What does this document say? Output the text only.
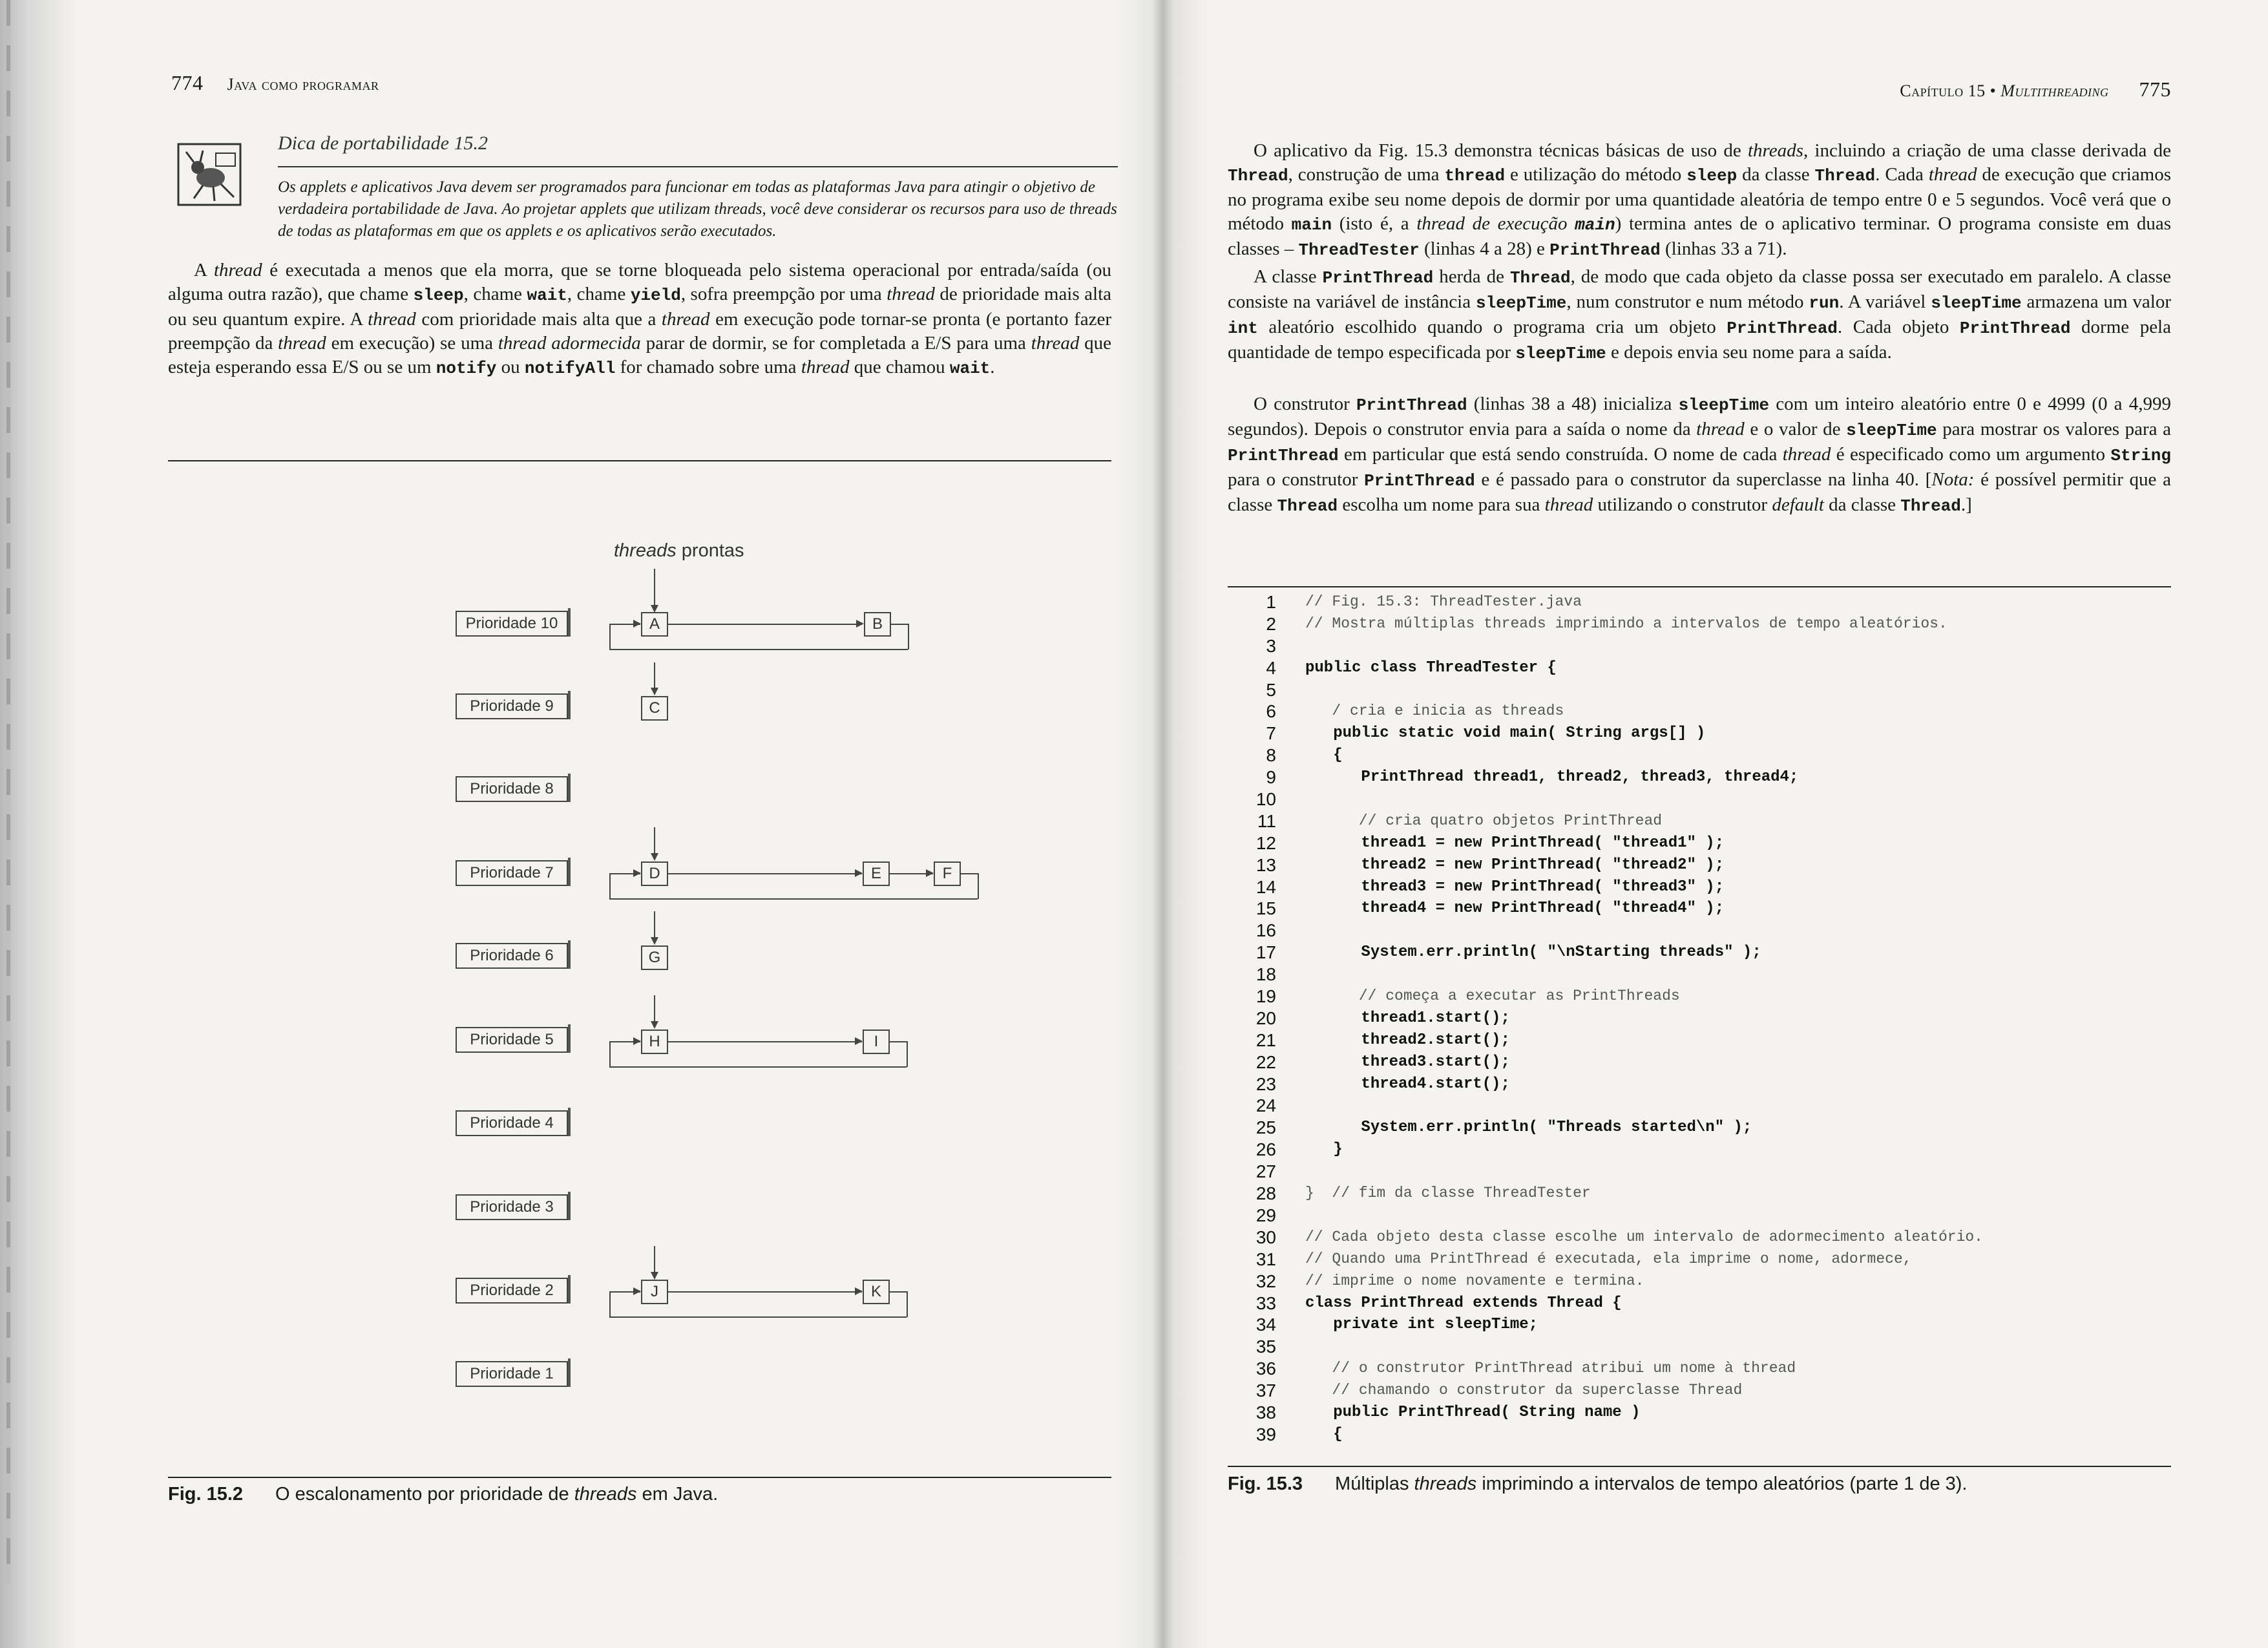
774 Java como programar
Dica de portabilidade 15.2
Os applets e aplicativos Java devem ser programados para funcionar em todas as plataformas Java para atingir o objetivo de verdadeira portabilidade de Java. Ao projetar applets que utilizam threads, você deve considerar os recursos para uso de threads de todas as plataformas em que os applets e os aplicativos serão executados.
A thread é executada a menos que ela morra, que se torne bloqueada pelo sistema operacional por entrada/saída (ou alguma outra razão), que chame sleep, chame wait, chame yield, sofra preempção por uma thread de prioridade mais alta ou seu quantum expire. A thread com prioridade mais alta que a thread em execução pode tornar-se pronta (e portanto fazer preempção da thread em execução) se uma thread adormecida parar de dormir, se for completada a E/S para uma thread que esteja esperando essa E/S ou se um notify ou notifyAll for chamado sobre uma thread que chamou wait.
threads prontas
Prioridade 10
Prioridade 9
Prioridade 8
Prioridade 7
Prioridade 6
Prioridade 5
Prioridade 4
Prioridade 3
Prioridade 2
Prioridade 1
A	B
C
D	E	F
G
H	I
J	K
Fig. 15.2 O escalonamento por prioridade de threads em Java.
Capítulo 15 • Multithreading 775
O aplicativo da Fig. 15.3 demonstra técnicas básicas de uso de threads, incluindo a criação de uma classe derivada de Thread, construção de uma thread e utilização do método sleep da classe Thread. Cada thread de execução que criamos no programa exibe seu nome depois de dormir por uma quantidade aleatória de tempo entre 0 e 5 segundos. Você verá que o método main (isto é, a thread de execução main) termina antes de o aplicativo terminar. O programa consiste em duas classes – ThreadTester (linhas 4 a 28) e PrintThread (linhas 33 a 71).
A classe PrintThread herda de Thread, de modo que cada objeto da classe possa ser executado em paralelo. A classe consiste na variável de instância sleepTime, num construtor e num método run. A variável sleepTime armazena um valor int aleatório escolhido quando o programa cria um objeto PrintThread. Cada objeto PrintThread dorme pela quantidade de tempo especificada por sleepTime e depois envia seu nome para a saída.
O construtor PrintThread (linhas 38 a 48) inicializa sleepTime com um inteiro aleatório entre 0 e 4999 (0 a 4,999 segundos). Depois o construtor envia para a saída o nome da thread e o valor de sleepTime para mostrar os valores para a PrintThread em particular que está sendo construída. O nome de cada thread é especificado como um argumento String para o construtor PrintThread e é passado para o construtor da superclasse na linha 40. [Nota: é possível permitir que a classe Thread escolha um nome para sua thread utilizando o construtor default da classe Thread.]
1 // Fig. 15.3: ThreadTester.java
2 // Mostra múltiplas threads imprimindo a intervalos de tempo aleatórios.
3
4 public class ThreadTester {
5
6 / cria e inicia as threads
7 public static void main( String args[] )
8 {
9 PrintThread thread1, thread2, thread3, thread4;
10
11 // cria quatro objetos PrintThread
12 thread1 = new PrintThread( "thread1" );
13 thread2 = new PrintThread( "thread2" );
14 thread3 = new PrintThread( "thread3" );
15 thread4 = new PrintThread( "thread4" );
16
17 System.err.println( "\nStarting threads" );
18
19 // começa a executar as PrintThreads
20 thread1.start();
21 thread2.start();
22 thread3.start();
23 thread4.start();
24
25 System.err.println( "Threads started\n" );
26 }
27
28 }  // fim da classe ThreadTester
29
30 // Cada objeto desta classe escolhe um intervalo de adormecimento aleatório.
31 // Quando uma PrintThread é executada, ela imprime o nome, adormece,
32 // imprime o nome novamente e termina.
33 class PrintThread extends Thread {
34 private int sleepTime;
35
36 // o construtor PrintThread atribui um nome à thread
37 // chamando o construtor da superclasse Thread
38 public PrintThread( String name )
39 {
Fig. 15.3 Múltiplas threads imprimindo a intervalos de tempo aleatórios (parte 1 de 3).
